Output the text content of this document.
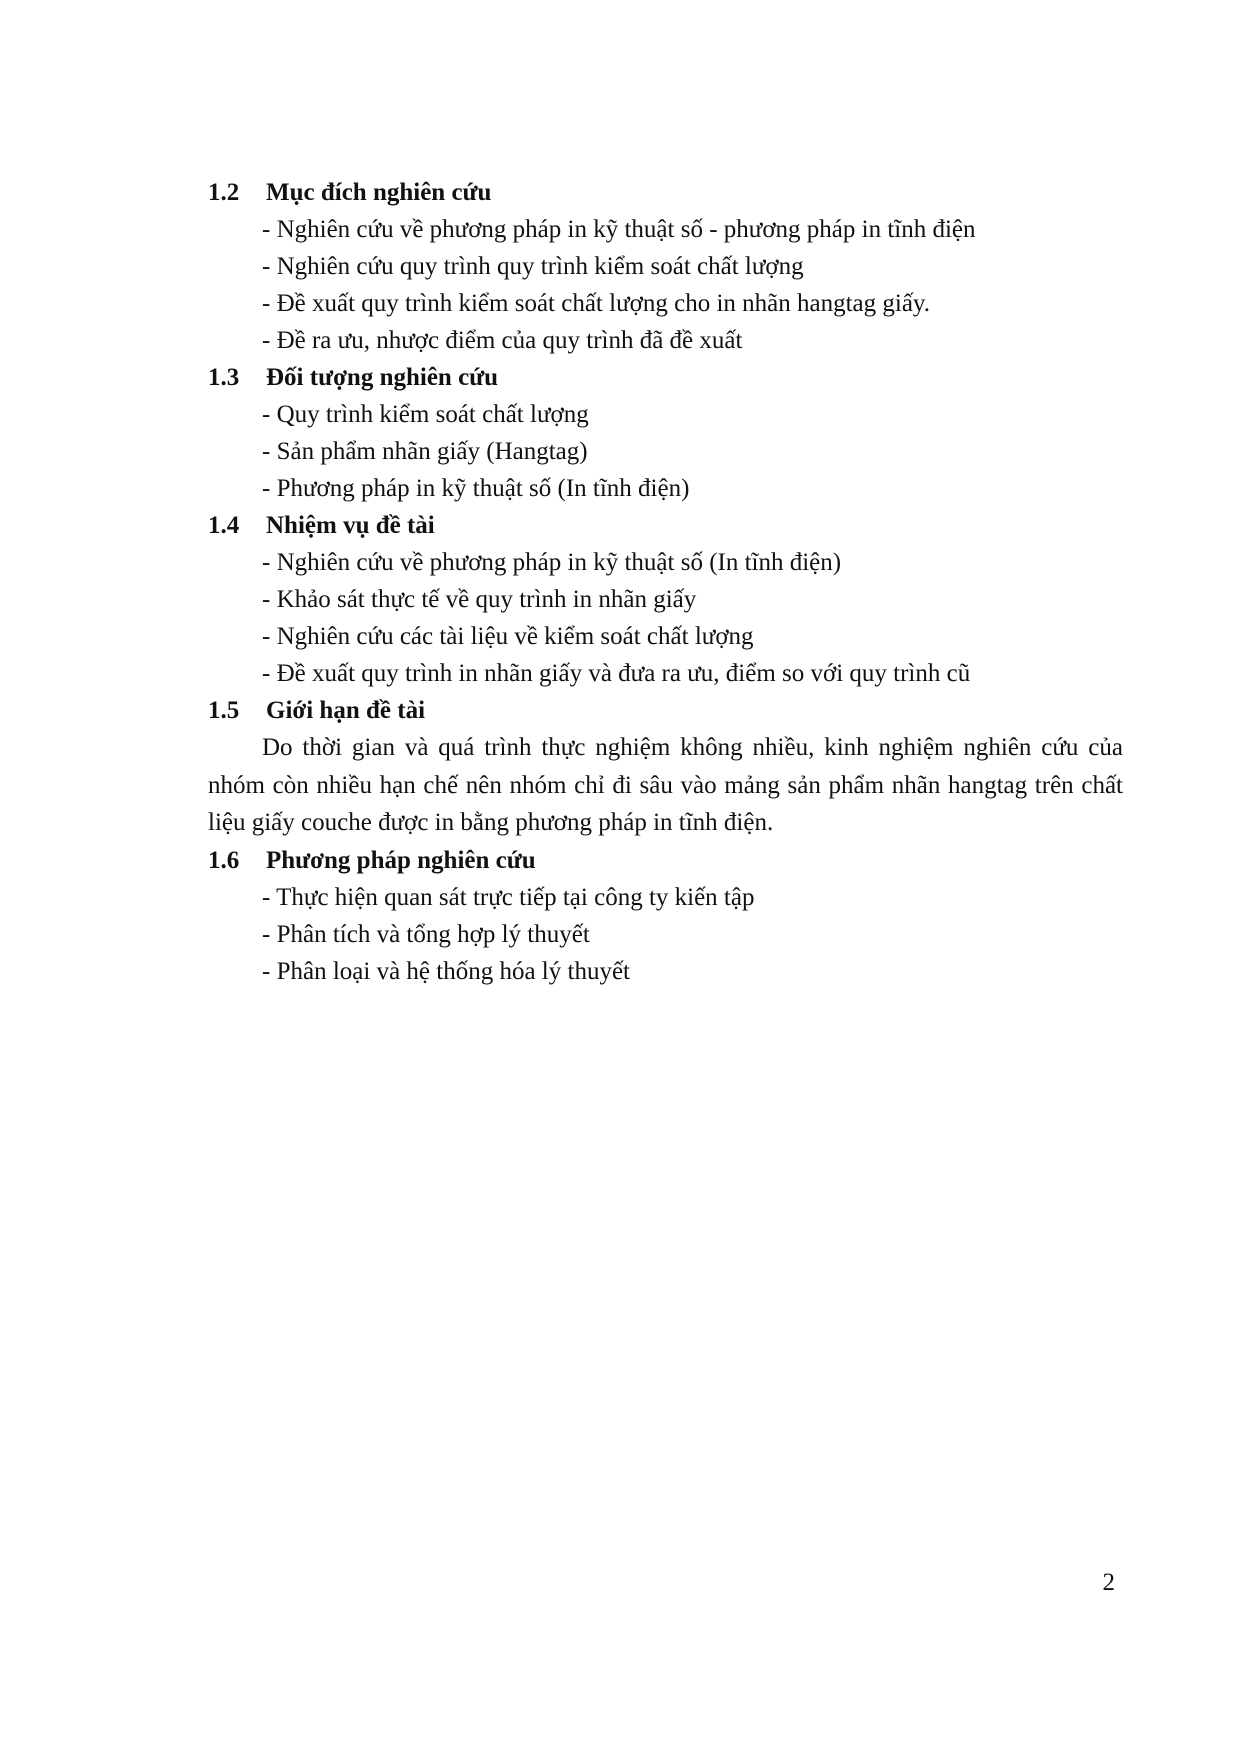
1.2	Mục đích nghiên cứu
- Nghiên cứu về phương pháp in kỹ thuật số - phương pháp in tĩnh điện
- Nghiên cứu quy trình quy trình kiểm soát chất lượng
- Đề xuất quy trình kiểm soát chất lượng cho in nhãn hangtag giấy.
- Đề ra ưu, nhược điểm của quy trình đã đề xuất
1.3	Đối tượng nghiên cứu
- Quy trình kiểm soát chất lượng
- Sản phẩm nhãn giấy (Hangtag)
- Phương pháp in kỹ thuật số (In tĩnh điện)
1.4	Nhiệm vụ đề tài
- Nghiên cứu về phương pháp in kỹ thuật số (In tĩnh điện)
- Khảo sát thực tế về quy trình in nhãn giấy
- Nghiên cứu các tài liệu về kiểm soát chất lượng
- Đề xuất quy trình in nhãn giấy và đưa ra ưu, điểm so với quy trình cũ
1.5	Giới hạn đề tài

Do thời gian và quá trình thực nghiệm không nhiều, kinh nghiệm nghiên cứu của nhóm còn nhiều hạn chế nên nhóm chỉ đi sâu vào mảng sản phẩm nhãn hangtag trên chất liệu giấy couche được in bằng phương pháp in tĩnh điện.

1.6	Phương pháp nghiên cứu
- Thực hiện quan sát trực tiếp tại công ty kiến tập
- Phân tích và tổng hợp lý thuyết
- Phân loại và hệ thống hóa lý thuyết
2
